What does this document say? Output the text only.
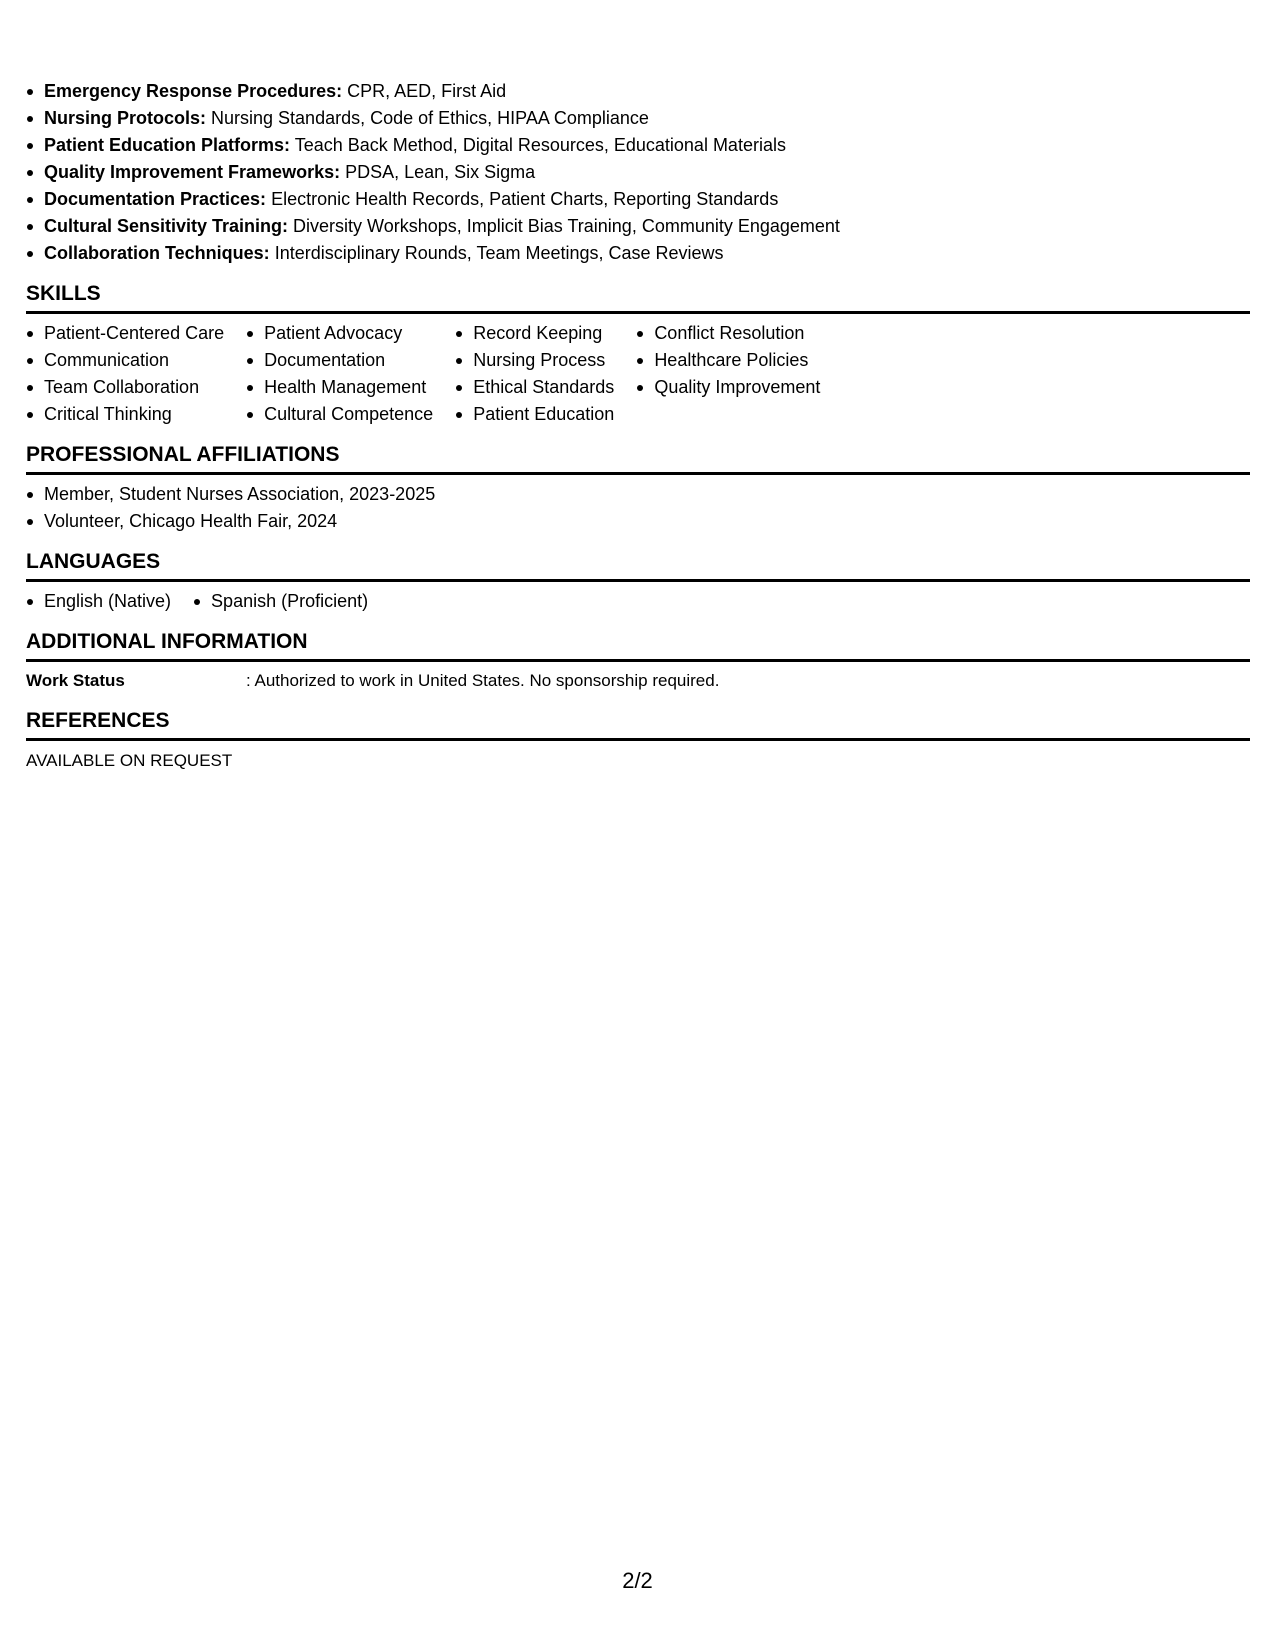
Emergency Response Procedures: CPR, AED, First Aid
Nursing Protocols: Nursing Standards, Code of Ethics, HIPAA Compliance
Patient Education Platforms: Teach Back Method, Digital Resources, Educational Materials
Quality Improvement Frameworks: PDSA, Lean, Six Sigma
Documentation Practices: Electronic Health Records, Patient Charts, Reporting Standards
Cultural Sensitivity Training: Diversity Workshops, Implicit Bias Training, Community Engagement
Collaboration Techniques: Interdisciplinary Rounds, Team Meetings, Case Reviews
SKILLS
Patient-Centered Care
Communication
Team Collaboration
Critical Thinking
Patient Advocacy
Documentation
Health Management
Cultural Competence
Record Keeping
Nursing Process
Ethical Standards
Patient Education
Conflict Resolution
Healthcare Policies
Quality Improvement
PROFESSIONAL AFFILIATIONS
Member, Student Nurses Association, 2023-2025
Volunteer, Chicago Health Fair, 2024
LANGUAGES
English (Native)	Spanish (Proficient)
ADDITIONAL INFORMATION
Work Status	: Authorized to work in United States. No sponsorship required.
REFERENCES
AVAILABLE ON REQUEST
2/2
